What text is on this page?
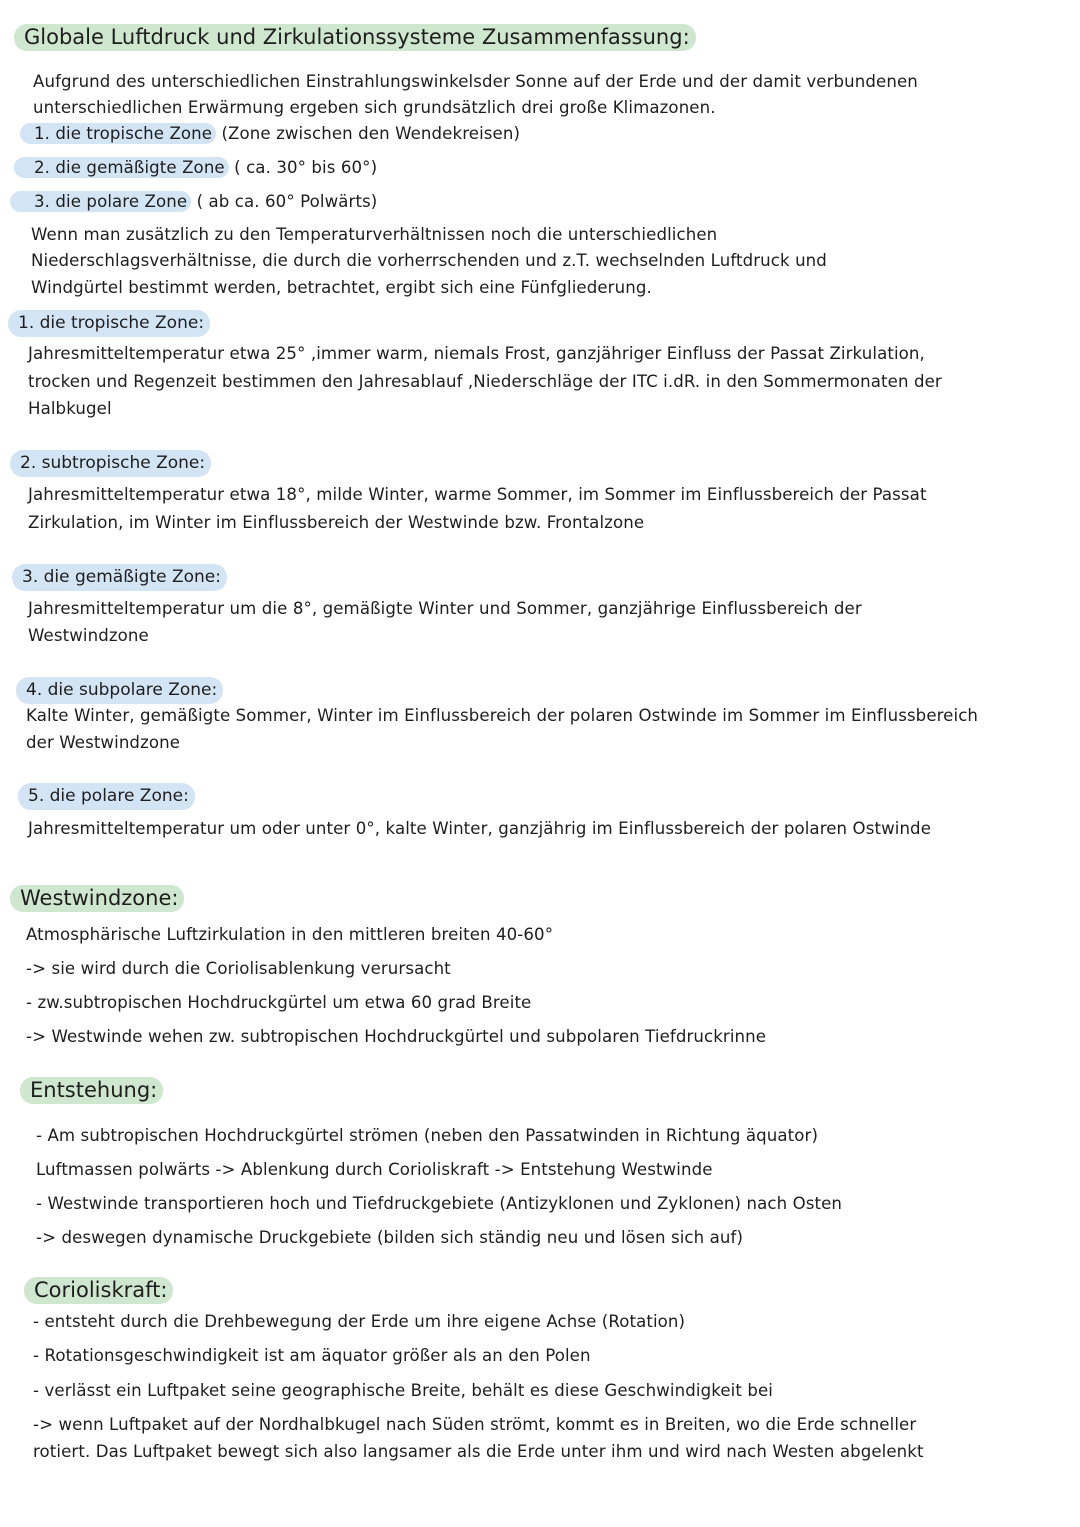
Globale Luftdruck und Zirkulationssysteme Zusammenfassung:
Aufgrund des unterschiedlichen Einstrahlungswinkelsder Sonne auf der Erde und der damit verbundenen
unterschiedlichen Erwärmung ergeben sich grundsätzlich drei große Klimazonen.
1. die tropische Zone (Zone zwischen den Wendekreisen)
2. die gemäßigte Zone ( ca. 30° bis 60°)
3. die polare Zone ( ab ca. 60° Polwärts)
Wenn man zusätzlich zu den Temperaturverhältnissen noch die unterschiedlichen
Niederschlagsverhältnisse, die durch die vorherrschenden und z.T. wechselnden Luftdruck und
Windgürtel bestimmt werden, betrachtet, ergibt sich eine Fünfgliederung.
1. die tropische Zone:
Jahresmitteltemperatur etwa 25° ,immer warm, niemals Frost, ganzjähriger Einfluss der Passat Zirkulation,
trocken und Regenzeit bestimmen den Jahresablauf ,Niederschläge der ITC i.dR. in den Sommermonaten der
Halbkugel
2. subtropische Zone:
Jahresmitteltemperatur etwa 18°, milde Winter, warme Sommer, im Sommer im Einflussbereich der Passat
Zirkulation, im Winter im Einflussbereich der Westwinde bzw. Frontalzone
3. die gemäßigte Zone:
Jahresmitteltemperatur um die 8°, gemäßigte Winter und Sommer, ganzjährige Einflussbereich der
Westwindzone
4. die subpolare Zone:
Kalte Winter, gemäßigte Sommer, Winter im Einflussbereich der polaren Ostwinde im Sommer im Einflussbereich
der Westwindzone
5. die polare Zone:
Jahresmitteltemperatur um oder unter 0°, kalte Winter, ganzjährig im Einflussbereich der polaren Ostwinde
Westwindzone:
Atmosphärische Luftzirkulation in den mittleren breiten 40-60°
-> sie wird durch die Coriolisablenkung verursacht
- zw.subtropischen Hochdruckgürtel um etwa 60 grad Breite
-> Westwinde wehen zw. subtropischen Hochdruckgürtel und subpolaren Tiefdruckrinne
Entstehung:
- Am subtropischen Hochdruckgürtel strömen (neben den Passatwinden in Richtung äquator)
Luftmassen polwärts -> Ablenkung durch Corioliskraft -> Entstehung Westwinde
- Westwinde transportieren hoch und Tiefdruckgebiete (Antizyklonen und Zyklonen) nach Osten
-> deswegen dynamische Druckgebiete (bilden sich ständig neu und lösen sich auf)
Corioliskraft:
- entsteht durch die Drehbewegung der Erde um ihre eigene Achse (Rotation)
- Rotationsgeschwindigkeit ist am äquator größer als an den Polen
- verlässt ein Luftpaket seine geographische Breite, behält es diese Geschwindigkeit bei
-> wenn Luftpaket auf der Nordhalbkugel nach Süden strömt, kommt es in Breiten, wo die Erde schneller
rotiert. Das Luftpaket bewegt sich also langsamer als die Erde unter ihm und wird nach Westen abgelenkt
